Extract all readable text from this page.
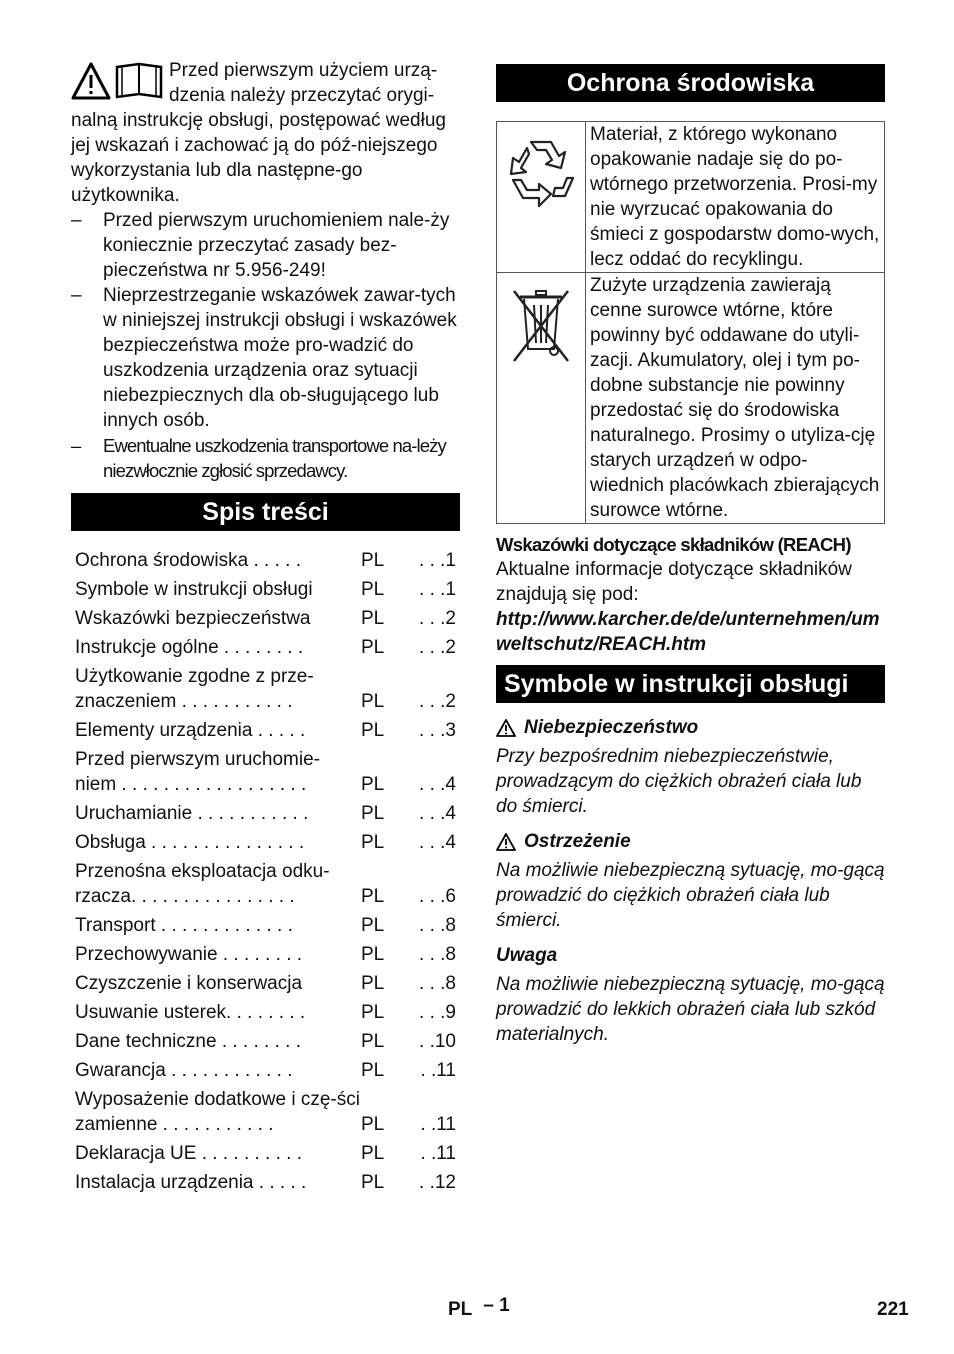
Przed pierwszym użyciem urzą-

dzenia należy przeczytać orygi-

nalną instrukcję obsługi, postępować według jej wskazań i zachować ją do póź-niejszego wykorzystania lub dla następne-go użytkownika.

– Przed pierwszym uruchomieniem nale-ży koniecznie przeczytać zasady bez-pieczeństwa nr 5.956-249!
– Nieprzestrzeganie wskazówek zawar-tych w niniejszej instrukcji obsługi i wskazówek bezpieczeństwa może pro-wadzić do uszkodzenia urządzenia oraz sytuacji niebezpiecznych dla ob-sługującego lub innych osób.
– Ewentualne uszkodzenia transportowe na-leży niezwłocznie zgłosić sprzedawcy.
Spis treści
Ochrona środowiska . . . . .	PL	. . .1
Symbole w instrukcji obsługi	PL	. . .1
Wskazówki bezpieczeństwa	PL	. . .2
Instrukcje ogólne . . . . . . . .	PL	. . .2
Użytkowanie zgodne z prze-znaczeniem . . . . . . . . . . .	PL	. . .2
Elementy urządzenia . . . . .	PL	. . .3
Przed pierwszym uruchomie-niem . . . . . . . . . . . . . . . . . .	PL	. . .4
Uruchamianie . . . . . . . . . . .	PL	. . .4
Obsługa . . . . . . . . . . . . . . .	PL	. . .4
Przenośna eksploatacja odku-rzacza. . . . . . . . . . . . . . . .	PL	. . .6
Transport . . . . . . . . . . . . .	PL	. . .8
Przechowywanie . . . . . . . .	PL	. . .8
Czyszczenie i konserwacja	PL	. . .8
Usuwanie usterek. . . . . . . .	PL	. . .9
Dane techniczne . . . . . . . .	PL	. .10
Gwarancja . . . . . . . . . . . .	PL	. .11
Wyposażenie dodatkowe i czę-ści zamienne . . . . . . . . . . .	PL	. .11
Deklaracja UE . . . . . . . . . .	PL	. .11
Instalacja urządzenia . . . . .	PL	. .12
Ochrona środowiska
	Materiał, z którego wykonano opakowanie nadaje się do po-wtórnego przetworzenia. Prosi-my nie wyrzucać opakowania do śmieci z gospodarstw domo-wych, lecz oddać do recyklingu.
	Zużyte urządzenia zawierają cenne surowce wtórne, które powinny być oddawane do utyli-zacji. Akumulatory, olej i tym po-dobne substancje nie powinny przedostać się do środowiska naturalnego. Prosimy o utyliza-cję starych urządzeń w odpo-wiednich placówkach zbierających surowce wtórne.
Wskazówki dotyczące składników (REACH)
Aktualne informacje dotyczące składników znajdują się pod:
http://www.karcher.de/de/unternehmen/umweltschutz/REACH.htm
Symbole w instrukcji obsługi
Niebezpieczeństwo
Przy bezpośrednim niebezpieczeństwie, prowadzącym do ciężkich obrażeń ciała lub do śmierci.
Ostrzeżenie
Na możliwie niebezpieczną sytuację, mo-gącą prowadzić do ciężkich obrażeń ciała lub śmierci.
Uwaga
Na możliwie niebezpieczną sytuację, mo-gącą prowadzić do lekkich obrażeń ciała lub szkód materialnych.
PL – 1	221
